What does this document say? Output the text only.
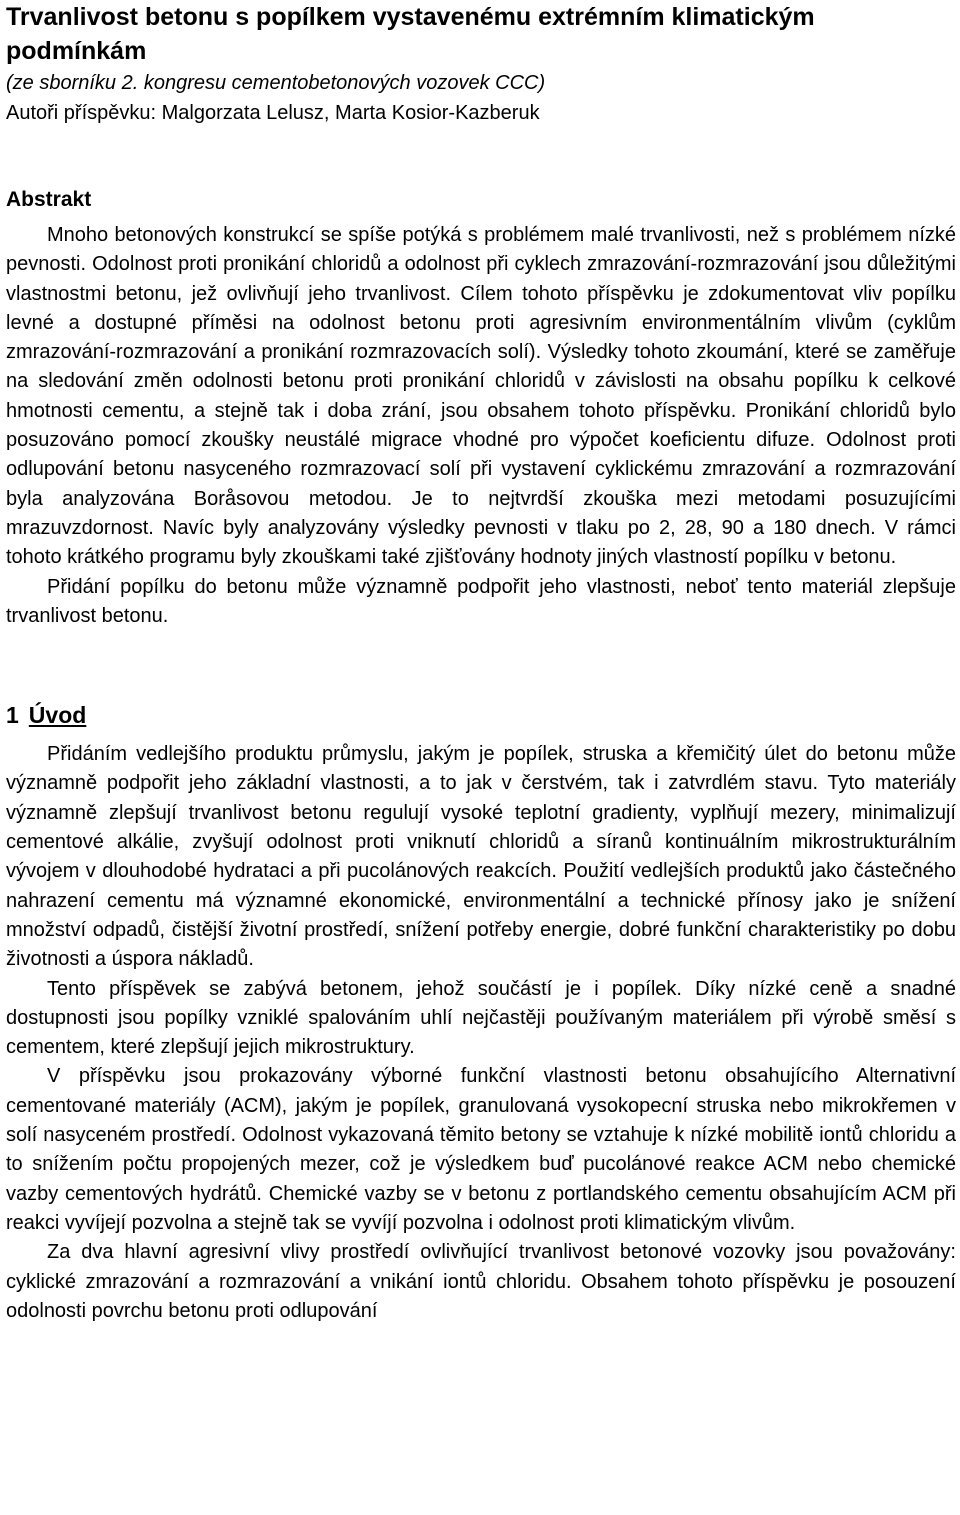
Trvanlivost betonu s popílkem vystavenému extrémním klimatickým podmínkám

(ze sborníku 2. kongresu cementobetonových vozovek CCC)

Autoři příspěvku: Malgorzata Lelusz, Marta Kosior-Kazberuk

Abstrakt

Mnoho betonových konstrukcí se spíše potýká s problémem malé trvanlivosti, než s problémem nízké pevnosti. Odolnost proti pronikání chloridů a odolnost při cyklech zmrazování-rozmrazování jsou důležitými vlastnostmi betonu, jež ovlivňují jeho trvanlivost. Cílem tohoto příspěvku je zdokumentovat vliv popílku levné a dostupné příměsi na odolnost betonu proti agresivním environmentálním vlivům (cyklům zmrazování-rozmrazování a pronikání rozmrazovacích solí). Výsledky tohoto zkoumání, které se zaměřuje na sledování změn odolnosti betonu proti pronikání chloridů v závislosti na obsahu popílku k celkové hmotnosti cementu, a stejně tak i doba zrání, jsou obsahem tohoto příspěvku. Pronikání chloridů bylo posuzováno pomocí zkoušky neustálé migrace vhodné pro výpočet koeficientu difuze. Odolnost proti odlupování betonu nasyceného rozmrazovací solí při vystavení cyklickému zmrazování a rozmrazování byla analyzována Boråsovou metodou. Je to nejtvrdší zkouška mezi metodami posuzujícími mrazuvzdornost. Navíc byly analyzovány výsledky pevnosti v tlaku po 2, 28, 90 a 180 dnech. V rámci tohoto krátkého programu byly zkouškami také zjišťovány hodnoty jiných vlastností popílku v betonu.

Přidání popílku do betonu může významně podpořit jeho vlastnosti, neboť tento materiál zlepšuje trvanlivost betonu.

1 Úvod

Přidáním vedlejšího produktu průmyslu, jakým je popílek, struska a křemičitý úlet do betonu může významně podpořit jeho základní vlastnosti, a to jak v čerstvém, tak i zatvrdlém stavu. Tyto materiály významně zlepšují trvanlivost betonu regulují vysoké teplotní gradienty, vyplňují mezery, minimalizují cementové alkálie, zvyšují odolnost proti vniknutí chloridů a síranů kontinuálním mikrostrukturálním vývojem v dlouhodobé hydrataci a při pucolánových reakcích. Použití vedlejších produktů jako částečného nahrazení cementu má významné ekonomické, environmentální a technické přínosy jako je snížení množství odpadů, čistější životní prostředí, snížení potřeby energie, dobré funkční charakteristiky po dobu životnosti a úspora nákladů.

Tento příspěvek se zabývá betonem, jehož součástí je i popílek. Díky nízké ceně a snadné dostupnosti jsou popílky vzniklé spalováním uhlí nejčastěji používaným materiálem při výrobě směsí s cementem, které zlepšují jejich mikrostruktury.

V příspěvku jsou prokazovány výborné funkční vlastnosti betonu obsahujícího Alternativní cementované materiály (ACM), jakým je popílek, granulovaná vysokopecní struska nebo mikrokřemen v solí nasyceném prostředí. Odolnost vykazovaná těmito betony se vztahuje k nízké mobilitě iontů chloridu a to snížením počtu propojených mezer, což je výsledkem buď pucolánové reakce ACM nebo chemické vazby cementových hydrátů. Chemické vazby se v betonu z portlandského cementu obsahujícím ACM při reakci vyvíjejí pozvolna a stejně tak se vyvíjí pozvolna i odolnost proti klimatickým vlivům.

Za dva hlavní agresivní vlivy prostředí ovlivňující trvanlivost betonové vozovky jsou považovány: cyklické zmrazování a rozmrazování a vnikání iontů chloridu. Obsahem tohoto příspěvku je posouzení odolnosti povrchu betonu proti odlupování
